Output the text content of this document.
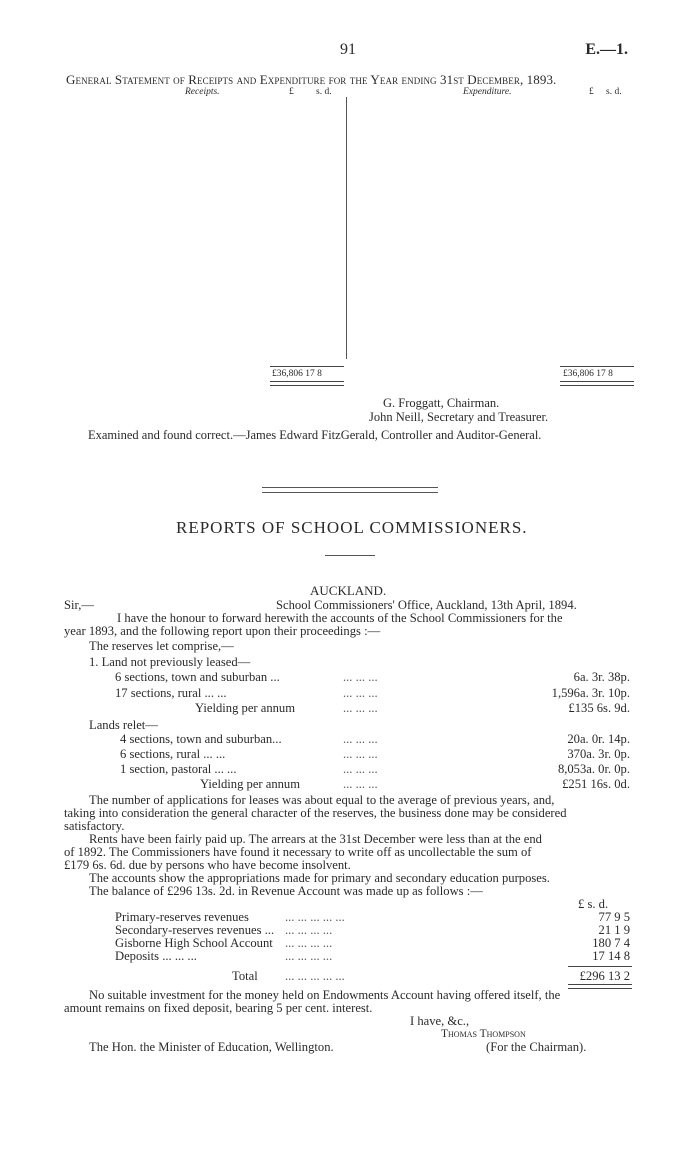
91	E.—1.
General Statement of Receipts and Expenditure for the Year ending 31st December, 1893.
Receipts.	£ s. d.	Expenditure.	£ s. d.
£36,806 17 8	£36,806 17 8
G. Froggatt, Chairman.
John Neill, Secretary and Treasurer.
Examined and found correct.—James Edward FitzGerald, Controller and Auditor-General.
REPORTS OF SCHOOL COMMISSIONERS.
AUCKLAND.
Sir,—	School Commissioners' Office, Auckland, 13th April, 1894.
I have the honour to forward herewith the accounts of the School Commissioners for the
year 1893, and the following report upon their proceedings :—
The reserves let comprise,—
1. Land not previously leased—
6 sections, town and suburban ...	... ... ...	6a. 3r. 38p.
17 sections, rural ... ...	... ... ...	1,596a. 3r. 10p.
Yielding per annum	... ... ...	£135 6s. 9d.
Lands relet—
4 sections, town and suburban...	... ... ...	20a. 0r. 14p.
6 sections, rural ... ...	... ... ...	370a. 3r. 0p.
1 section, pastoral ... ...	... ... ...	8,053a. 0r. 0p.
Yielding per annum	... ... ...	£251 16s. 0d.
The number of applications for leases was about equal to the average of previous years, and,
taking into consideration the general character of the reserves, the business done may be considered
satisfactory.
Rents have been fairly paid up. The arrears at the 31st December were less than at the end
of 1892. The Commissioners have found it necessary to write off as uncollectable the sum of
£179 6s. 6d. due by persons who have become insolvent.
The accounts show the appropriations made for primary and secondary education purposes.
The balance of £296 13s. 2d. in Revenue Account was made up as follows :—
£ s. d.
Primary-reserves revenues	... ... ... ... ...	77 9 5
Secondary-reserves revenues ... ... ... ... ...	21 1 9
Gisborne High School Account ... ... ... ...	180 7 4
Deposits ... ... ...	... ... ... ...	17 14 8
Total ... ... ... ... ...	£296 13 2
No suitable investment for the money held on Endowments Account having offered itself, the
amount remains on fixed deposit, bearing 5 per cent. interest.
I have, &c.,
Thomas Thompson
The Hon. the Minister of Education, Wellington.	(For the Chairman).
